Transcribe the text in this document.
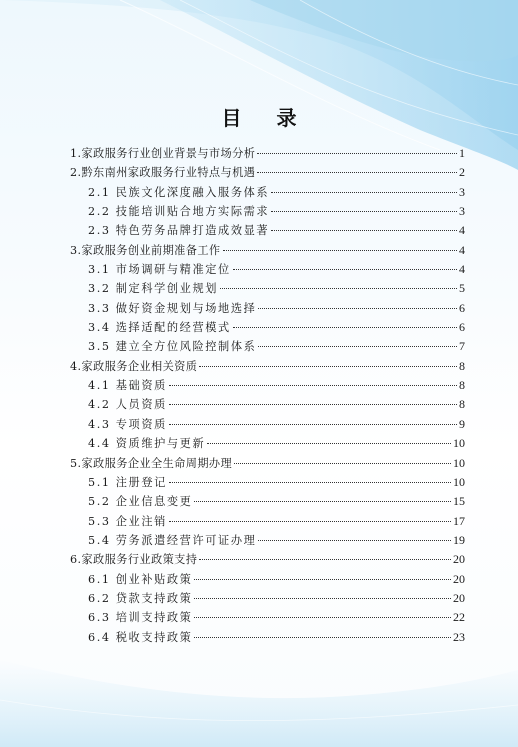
目 录
1.家政服务行业创业背景与市场分析	1
2.黔东南州家政服务行业特点与机遇	2
2.1 民族文化深度融入服务体系	3
2.2 技能培训贴合地方实际需求	3
2.3 特色劳务品牌打造成效显著	4
3.家政服务创业前期准备工作	4
3.1 市场调研与精准定位	4
3.2 制定科学创业规划	5
3.3 做好资金规划与场地选择	6
3.4 选择适配的经营模式	6
3.5 建立全方位风险控制体系	7
4.家政服务企业相关资质	8
4.1 基础资质	8
4.2 人员资质	8
4.3 专项资质	9
4.4 资质维护与更新	10
5.家政服务企业全生命周期办理	10
5.1 注册登记	10
5.2 企业信息变更	15
5.3 企业注销	17
5.4 劳务派遣经营许可证办理	19
6.家政服务行业政策支持	20
6.1 创业补贴政策	20
6.2 贷款支持政策	20
6.3 培训支持政策	22
6.4 税收支持政策	23
